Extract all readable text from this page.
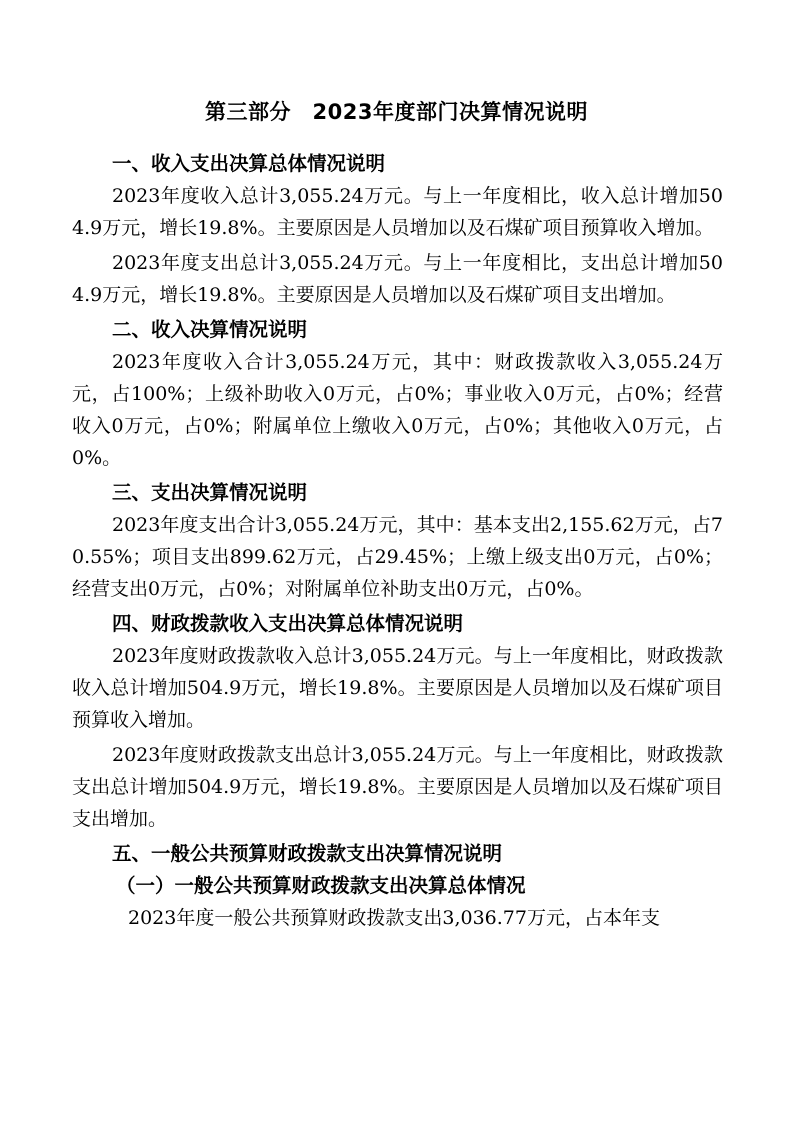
第三部分　2023年度部门决算情况说明

一、收入支出决算总体情况说明

2023年度收入总计3,055.24万元。与上一年度相比，收入总计增加504.9万元，增长19.8%。主要原因是人员增加以及石煤矿项目预算收入增加。

2023年度支出总计3,055.24万元。与上一年度相比，支出总计增加504.9万元，增长19.8%。主要原因是人员增加以及石煤矿项目支出增加。

二、收入决算情况说明

2023年度收入合计3,055.24万元，其中：财政拨款收入3,055.24万元，占100%；上级补助收入0万元，占0%；事业收入0万元，占0%；经营收入0万元，占0%；附属单位上缴收入0万元，占0%；其他收入0万元，占0%。

三、支出决算情况说明

2023年度支出合计3,055.24万元，其中：基本支出2,155.62万元，占70.55%；项目支出899.62万元，占29.45%；上缴上级支出0万元，占0%；经营支出0万元，占0%；对附属单位补助支出0万元，占0%。

四、财政拨款收入支出决算总体情况说明

2023年度财政拨款收入总计3,055.24万元。与上一年度相比，财政拨款收入总计增加504.9万元，增长19.8%。主要原因是人员增加以及石煤矿项目预算收入增加。

2023年度财政拨款支出总计3,055.24万元。与上一年度相比，财政拨款支出总计增加504.9万元，增长19.8%。主要原因是人员增加以及石煤矿项目支出增加。

五、一般公共预算财政拨款支出决算情况说明

（一）一般公共预算财政拨款支出决算总体情况

2023年度一般公共预算财政拨款支出3,036.77万元，占本年支
